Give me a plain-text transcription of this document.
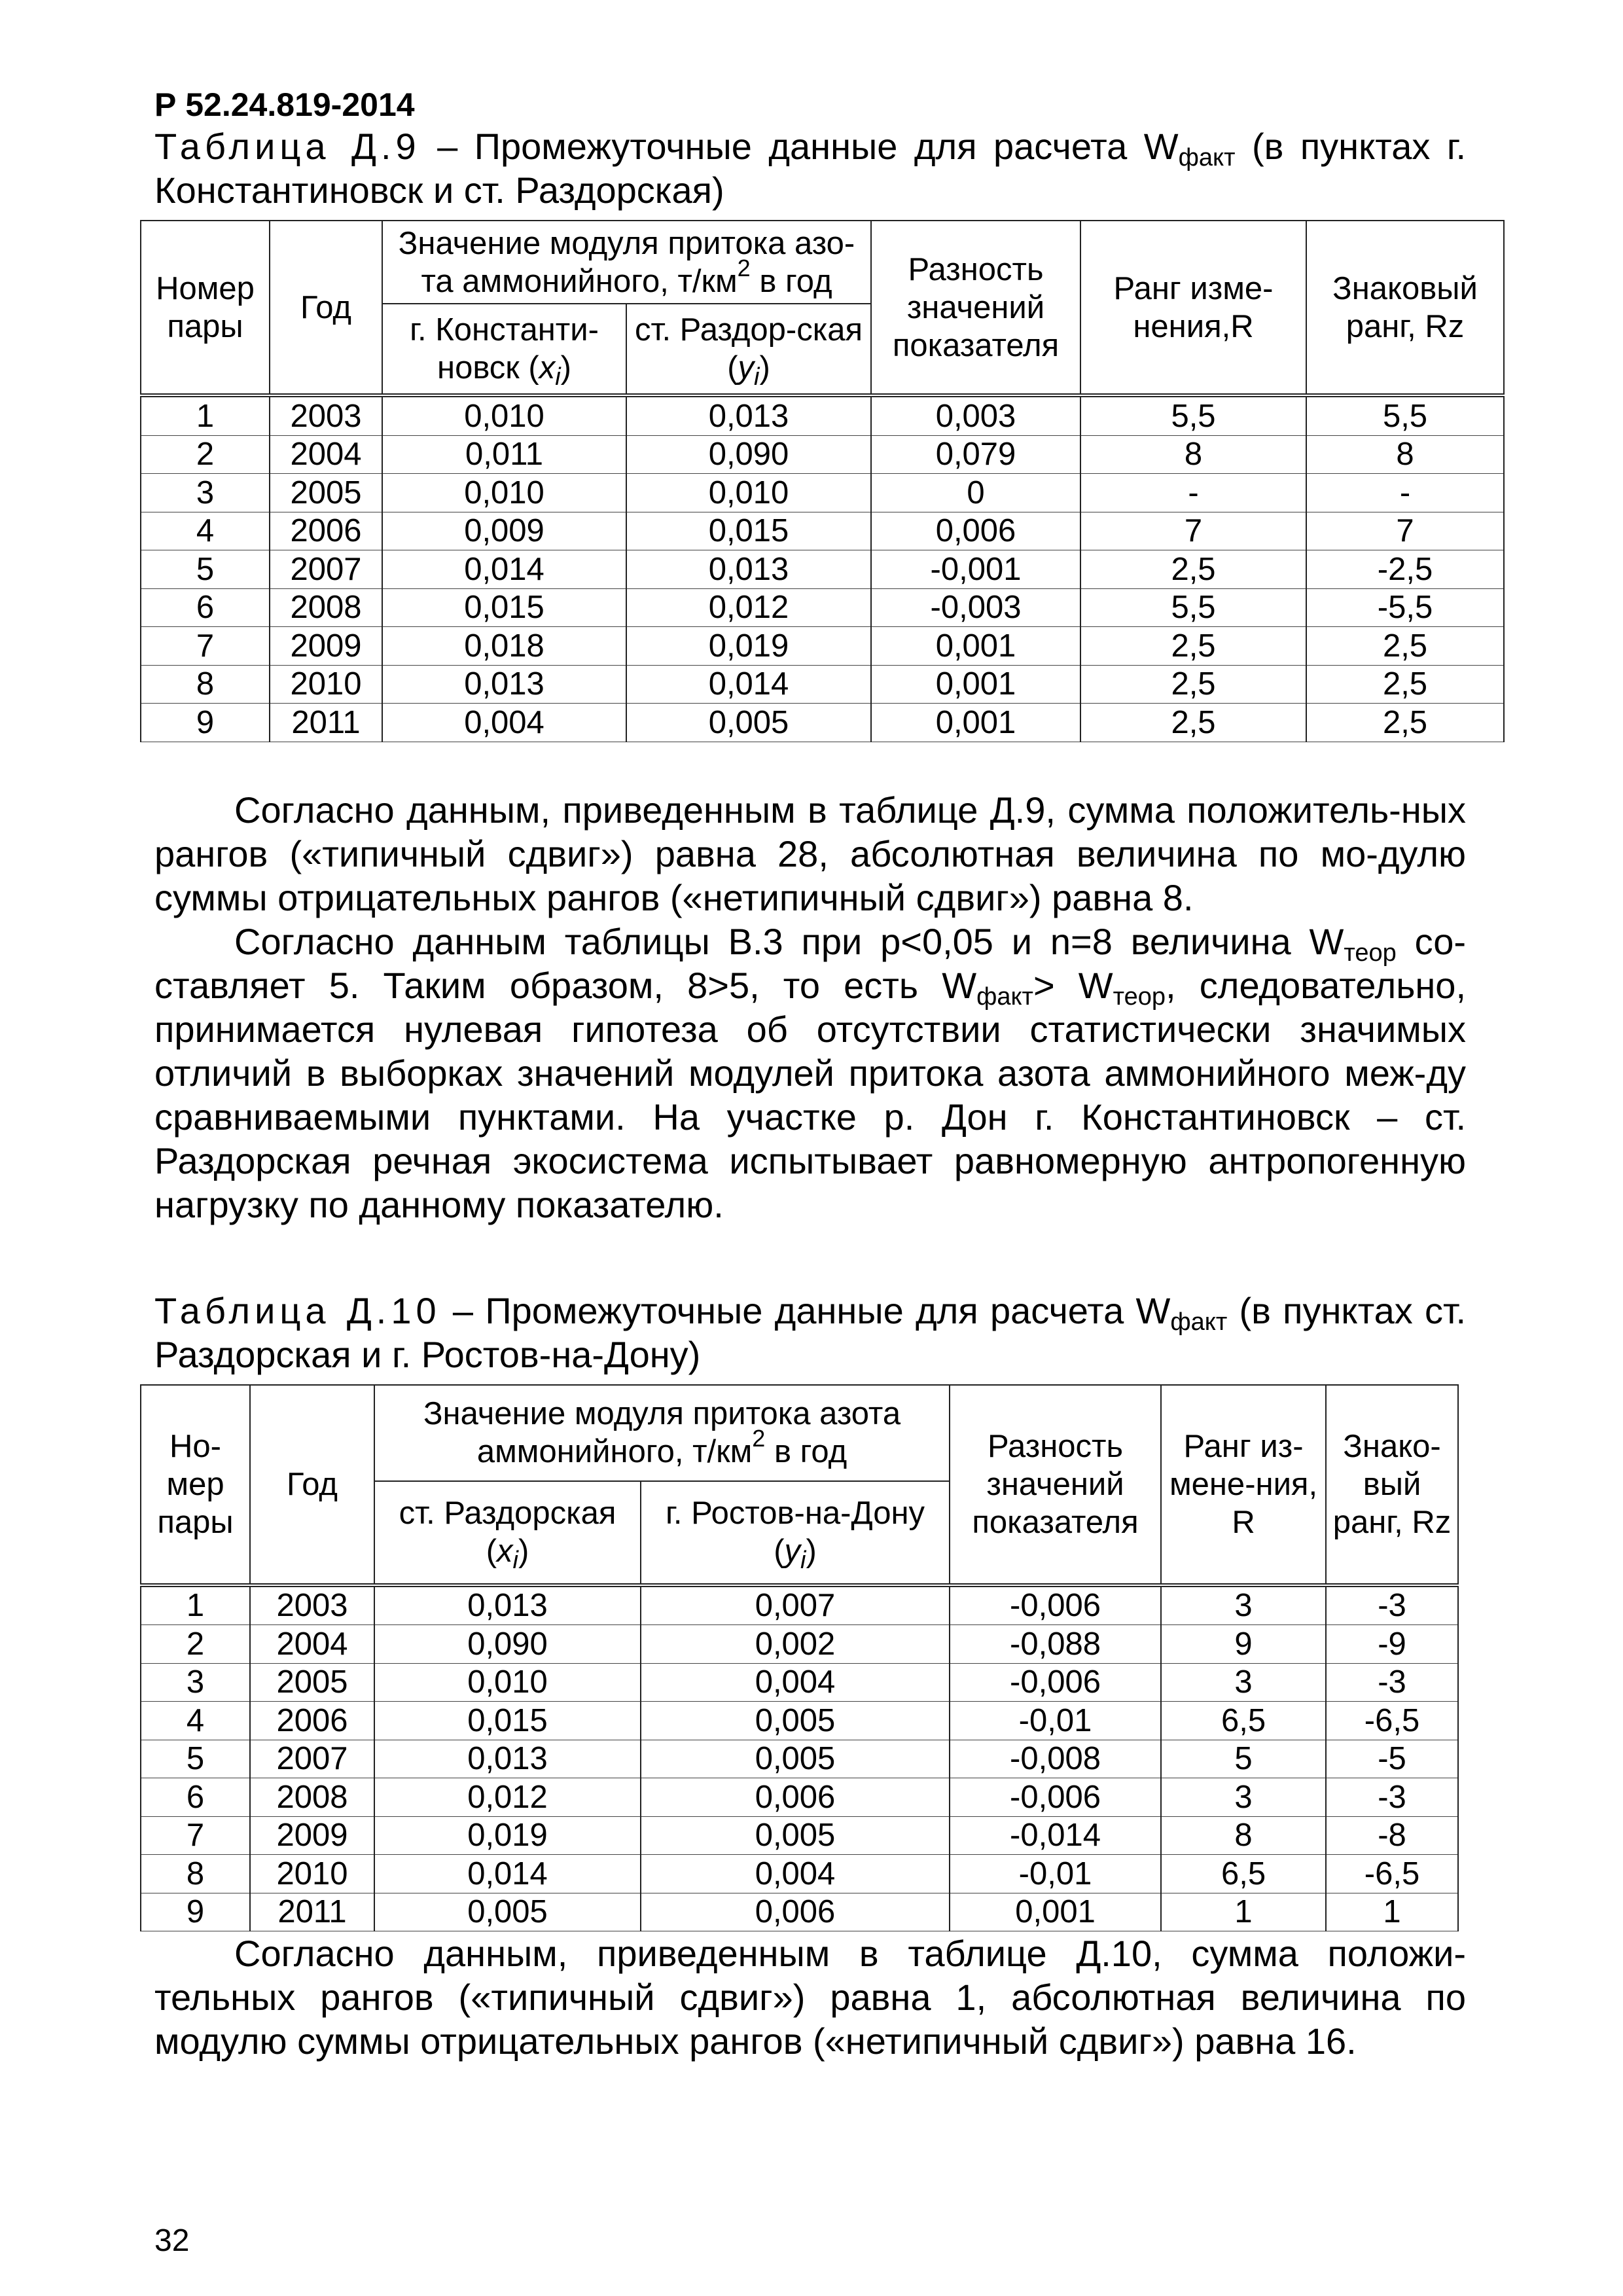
Р 52.24.819-2014

Таблица Д.9 – Промежуточные данные для расчета $W_{факт}$ (в пунктах г. Константиновск и ст. Раздорская)

Номер пары	Год	Значение модуля притока азо-та аммонийного, $т/км^2$ в год		Разность значений показателя	Ранг изме-нения,R	Знаковый ранг, Rz
		г. Константи-новск $(x_i)$	ст. Раздор-ская $(y_i)$			
1	2003	0,010	0,013	0,003	5,5	5,5
2	2004	0,011	0,090	0,079	8	8
3	2005	0,010	0,010	0	-	-
4	2006	0,009	0,015	0,006	7	7
5	2007	0,014	0,013	-0,001	2,5	-2,5
6	2008	0,015	0,012	-0,003	5,5	-5,5
7	2009	0,018	0,019	0,001	2,5	2,5
8	2010	0,013	0,014	0,001	2,5	2,5
9	2011	0,004	0,005	0,001	2,5	2,5

Согласно данным, приведенным в таблице Д.9, сумма положитель-ных рангов («типичный сдвиг») равна 28, абсолютная величина по мо-дулю суммы отрицательных рангов («нетипичный сдвиг») равна 8.

Согласно данным таблицы В.3 при p<0,05 и n=8 величина $W_{теор}$ со-ставляет 5. Таким образом, 8>5, то есть $W_{факт}> W_{теор}$, следовательно, принимается нулевая гипотеза об отсутствии статистически значимых отличий в выборках значений модулей притока азота аммонийного меж-ду сравниваемыми пунктами. На участке р. Дон г. Константиновск – ст. Раздорская речная экосистема испытывает равномерную антропогенную нагрузку по данному показателю.

Таблица Д.10 – Промежуточные данные для расчета $W_{факт}$ (в пунктах ст. Раздорская и г. Ростов-на-Дону)

Но-мер пары	Год	Значение модуля притока азота аммонийного, $т/км^2$ в год		Разность значений показателя	Ранг из-мене-ния, R	Знако-вый ранг, Rz
		ст. Раздорская $(x_i)$	г. Ростов-на-Дону $(y_i)$			
1	2003	0,013	0,007	-0,006	3	-3
2	2004	0,090	0,002	-0,088	9	-9
3	2005	0,010	0,004	-0,006	3	-3
4	2006	0,015	0,005	-0,01	6,5	-6,5
5	2007	0,013	0,005	-0,008	5	-5
6	2008	0,012	0,006	-0,006	3	-3
7	2009	0,019	0,005	-0,014	8	-8
8	2010	0,014	0,004	-0,01	6,5	-6,5
9	2011	0,005	0,006	0,001	1	1

Согласно данным, приведенным в таблице Д.10, сумма положи-тельных рангов («типичный сдвиг») равна 1, абсолютная величина по модулю суммы отрицательных рангов («нетипичный сдвиг») равна 16.

32
